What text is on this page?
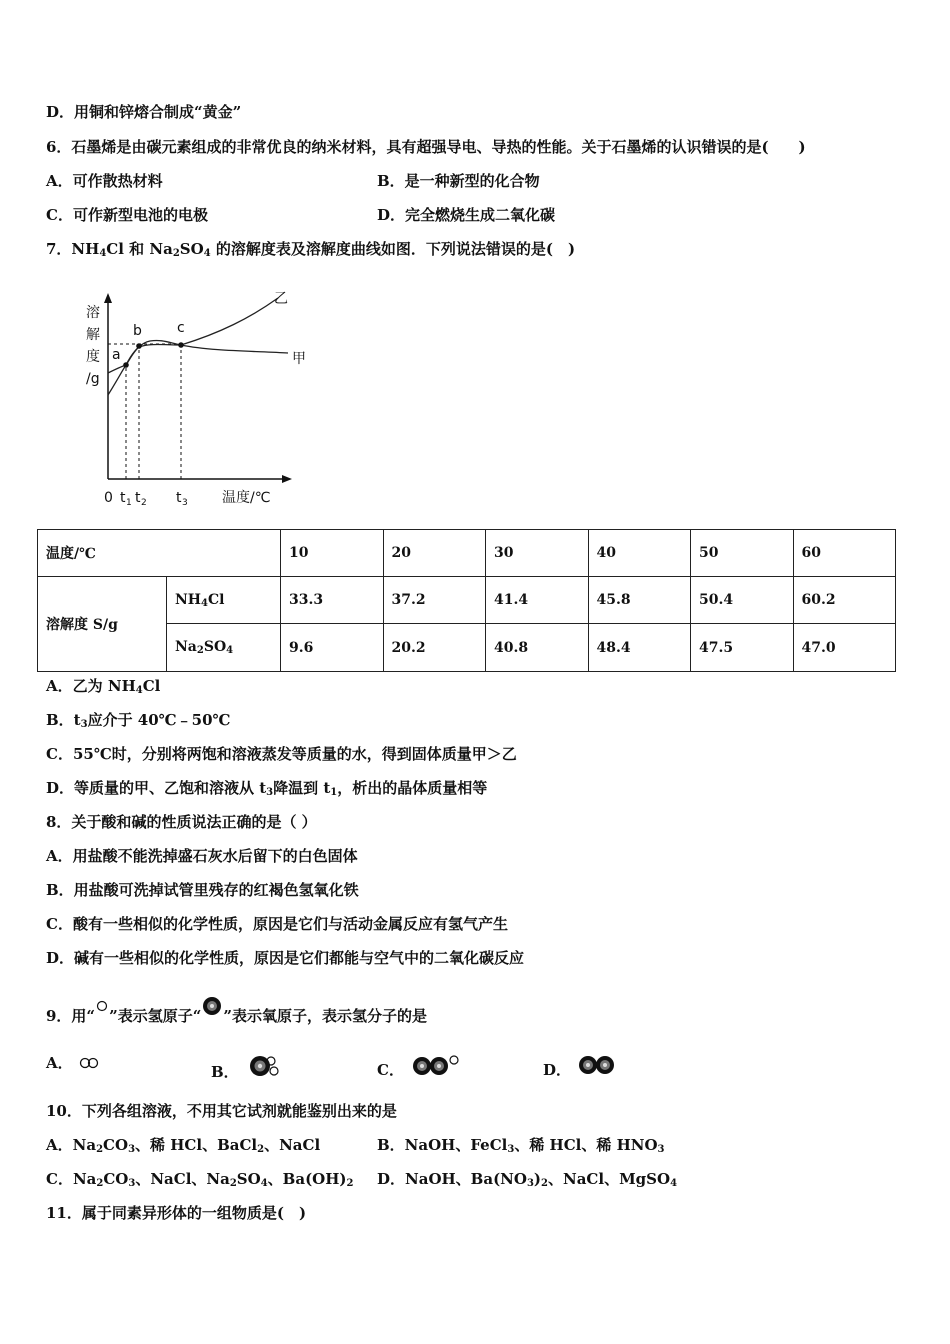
D．用铜和锌熔合制成“黄金”
6．石墨烯是由碳元素组成的非常优良的纳米材料，具有超强导电、导热的性能。关于石墨烯的认识错误的是(　　)
A．可作散热材料	B．是一种新型的化合物
C．可作新型电池的电极	D．完全燃烧生成二氧化碳
7．$NH_4Cl$ 和 $Na_2SO_4$ 的溶解度表及溶解度曲线如图．下列说法错误的是(　)
溶
解
度
/g
a
b	c
乙
甲
0 t 1 t 2 t 3 温度/℃
温度/℃		10	20	30	40	50	60
溶解度 S/g	$NH_4Cl$	33.3	37.2	41.4	45.8	50.4	60.2
	$Na_2SO_4$	9.6	20.2	40.8	48.4	47.5	47.0
A．乙为 $NH_4Cl$
B．$t_3$应介于 40℃﹣50℃
C．55℃时，分别将两饱和溶液蒸发等质量的水，得到固体质量甲＞乙
D．等质量的甲、乙饱和溶液从 $t_3$降温到 $t_1$，析出的晶体质量相等
8．关于酸和碱的性质说法正确的是（ ）
A．用盐酸不能洗掉盛石灰水后留下的白色固体
B．用盐酸可洗掉试管里残存的红褐色氢氧化铁
C．酸有一些相似的化学性质，原因是它们与活动金属反应有氢气产生
D．碱有一些相似的化学性质，原因是它们都能与空气中的二氧化碳反应
9．用“ ”表示氢原子“ ”表示氧原子，表示氢分子的是
A．	B．	C．	D．
10．下列各组溶液，不用其它试剂就能鉴别出来的是
A．$Na_2CO_3$、稀 HCl、BaCl$_2$、NaCl	B．NaOH、FeCl$_3$、稀 HCl、稀 $HNO_3$
C．$Na_2CO_3$、NaCl、$Na_2SO_4$、$Ba(OH)_2$ D．NaOH、$Ba(NO_3)_2$、NaCl、MgSO$_4$
11．属于同素异形体的一组物质是(　)
